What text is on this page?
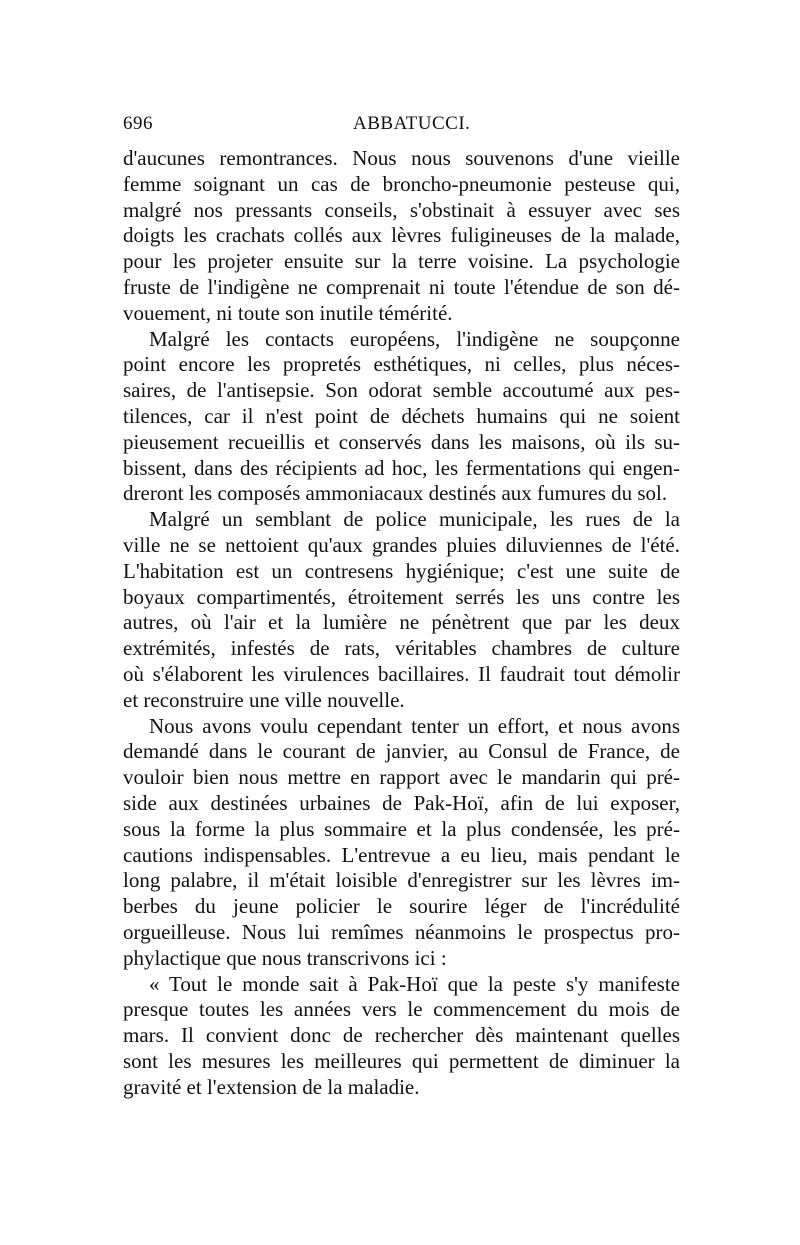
696	ABBATUCCI.
d'aucunes remontrances. Nous nous souvenons d'une vieille
femme soignant un cas de broncho-pneumonie pesteuse qui,
malgré nos pressants conseils, s'obstinait à essuyer avec ses
doigts les crachats collés aux lèvres fuligineuses de la malade,
pour les projeter ensuite sur la terre voisine. La psychologie
fruste de l'indigène ne comprenait ni toute l'étendue de son dé-
vouement, ni toute son inutile témérité.
Malgré les contacts européens, l'indigène ne soupçonne
point encore les propretés esthétiques, ni celles, plus néces-
saires, de l'antisepsie. Son odorat semble accoutumé aux pes-
tilences, car il n'est point de déchets humains qui ne soient
pieusement recueillis et conservés dans les maisons, où ils su-
bissent, dans des récipients ad hoc, les fermentations qui engen-
dreront les composés ammoniacaux destinés aux fumures du sol.
Malgré un semblant de police municipale, les rues de la
ville ne se nettoient qu'aux grandes pluies diluviennes de l'été.
L'habitation est un contresens hygiénique; c'est une suite de
boyaux compartimentés, étroitement serrés les uns contre les
autres, où l'air et la lumière ne pénètrent que par les deux
extrémités, infestés de rats, véritables chambres de culture
où s'élaborent les virulences bacillaires. Il faudrait tout démolir
et reconstruire une ville nouvelle.
Nous avons voulu cependant tenter un effort, et nous avons
demandé dans le courant de janvier, au Consul de France, de
vouloir bien nous mettre en rapport avec le mandarin qui pré-
side aux destinées urbaines de Pak-Hoï, afin de lui exposer,
sous la forme la plus sommaire et la plus condensée, les pré-
cautions indispensables. L'entrevue a eu lieu, mais pendant le
long palabre, il m'était loisible d'enregistrer sur les lèvres im-
berbes du jeune policier le sourire léger de l'incrédulité
orgueilleuse. Nous lui remîmes néanmoins le prospectus pro-
phylactique que nous transcrivons ici :
« Tout le monde sait à Pak-Hoï que la peste s'y manifeste
presque toutes les années vers le commencement du mois de
mars. Il convient donc de rechercher dès maintenant quelles
sont les mesures les meilleures qui permettent de diminuer la
gravité et l'extension de la maladie.
